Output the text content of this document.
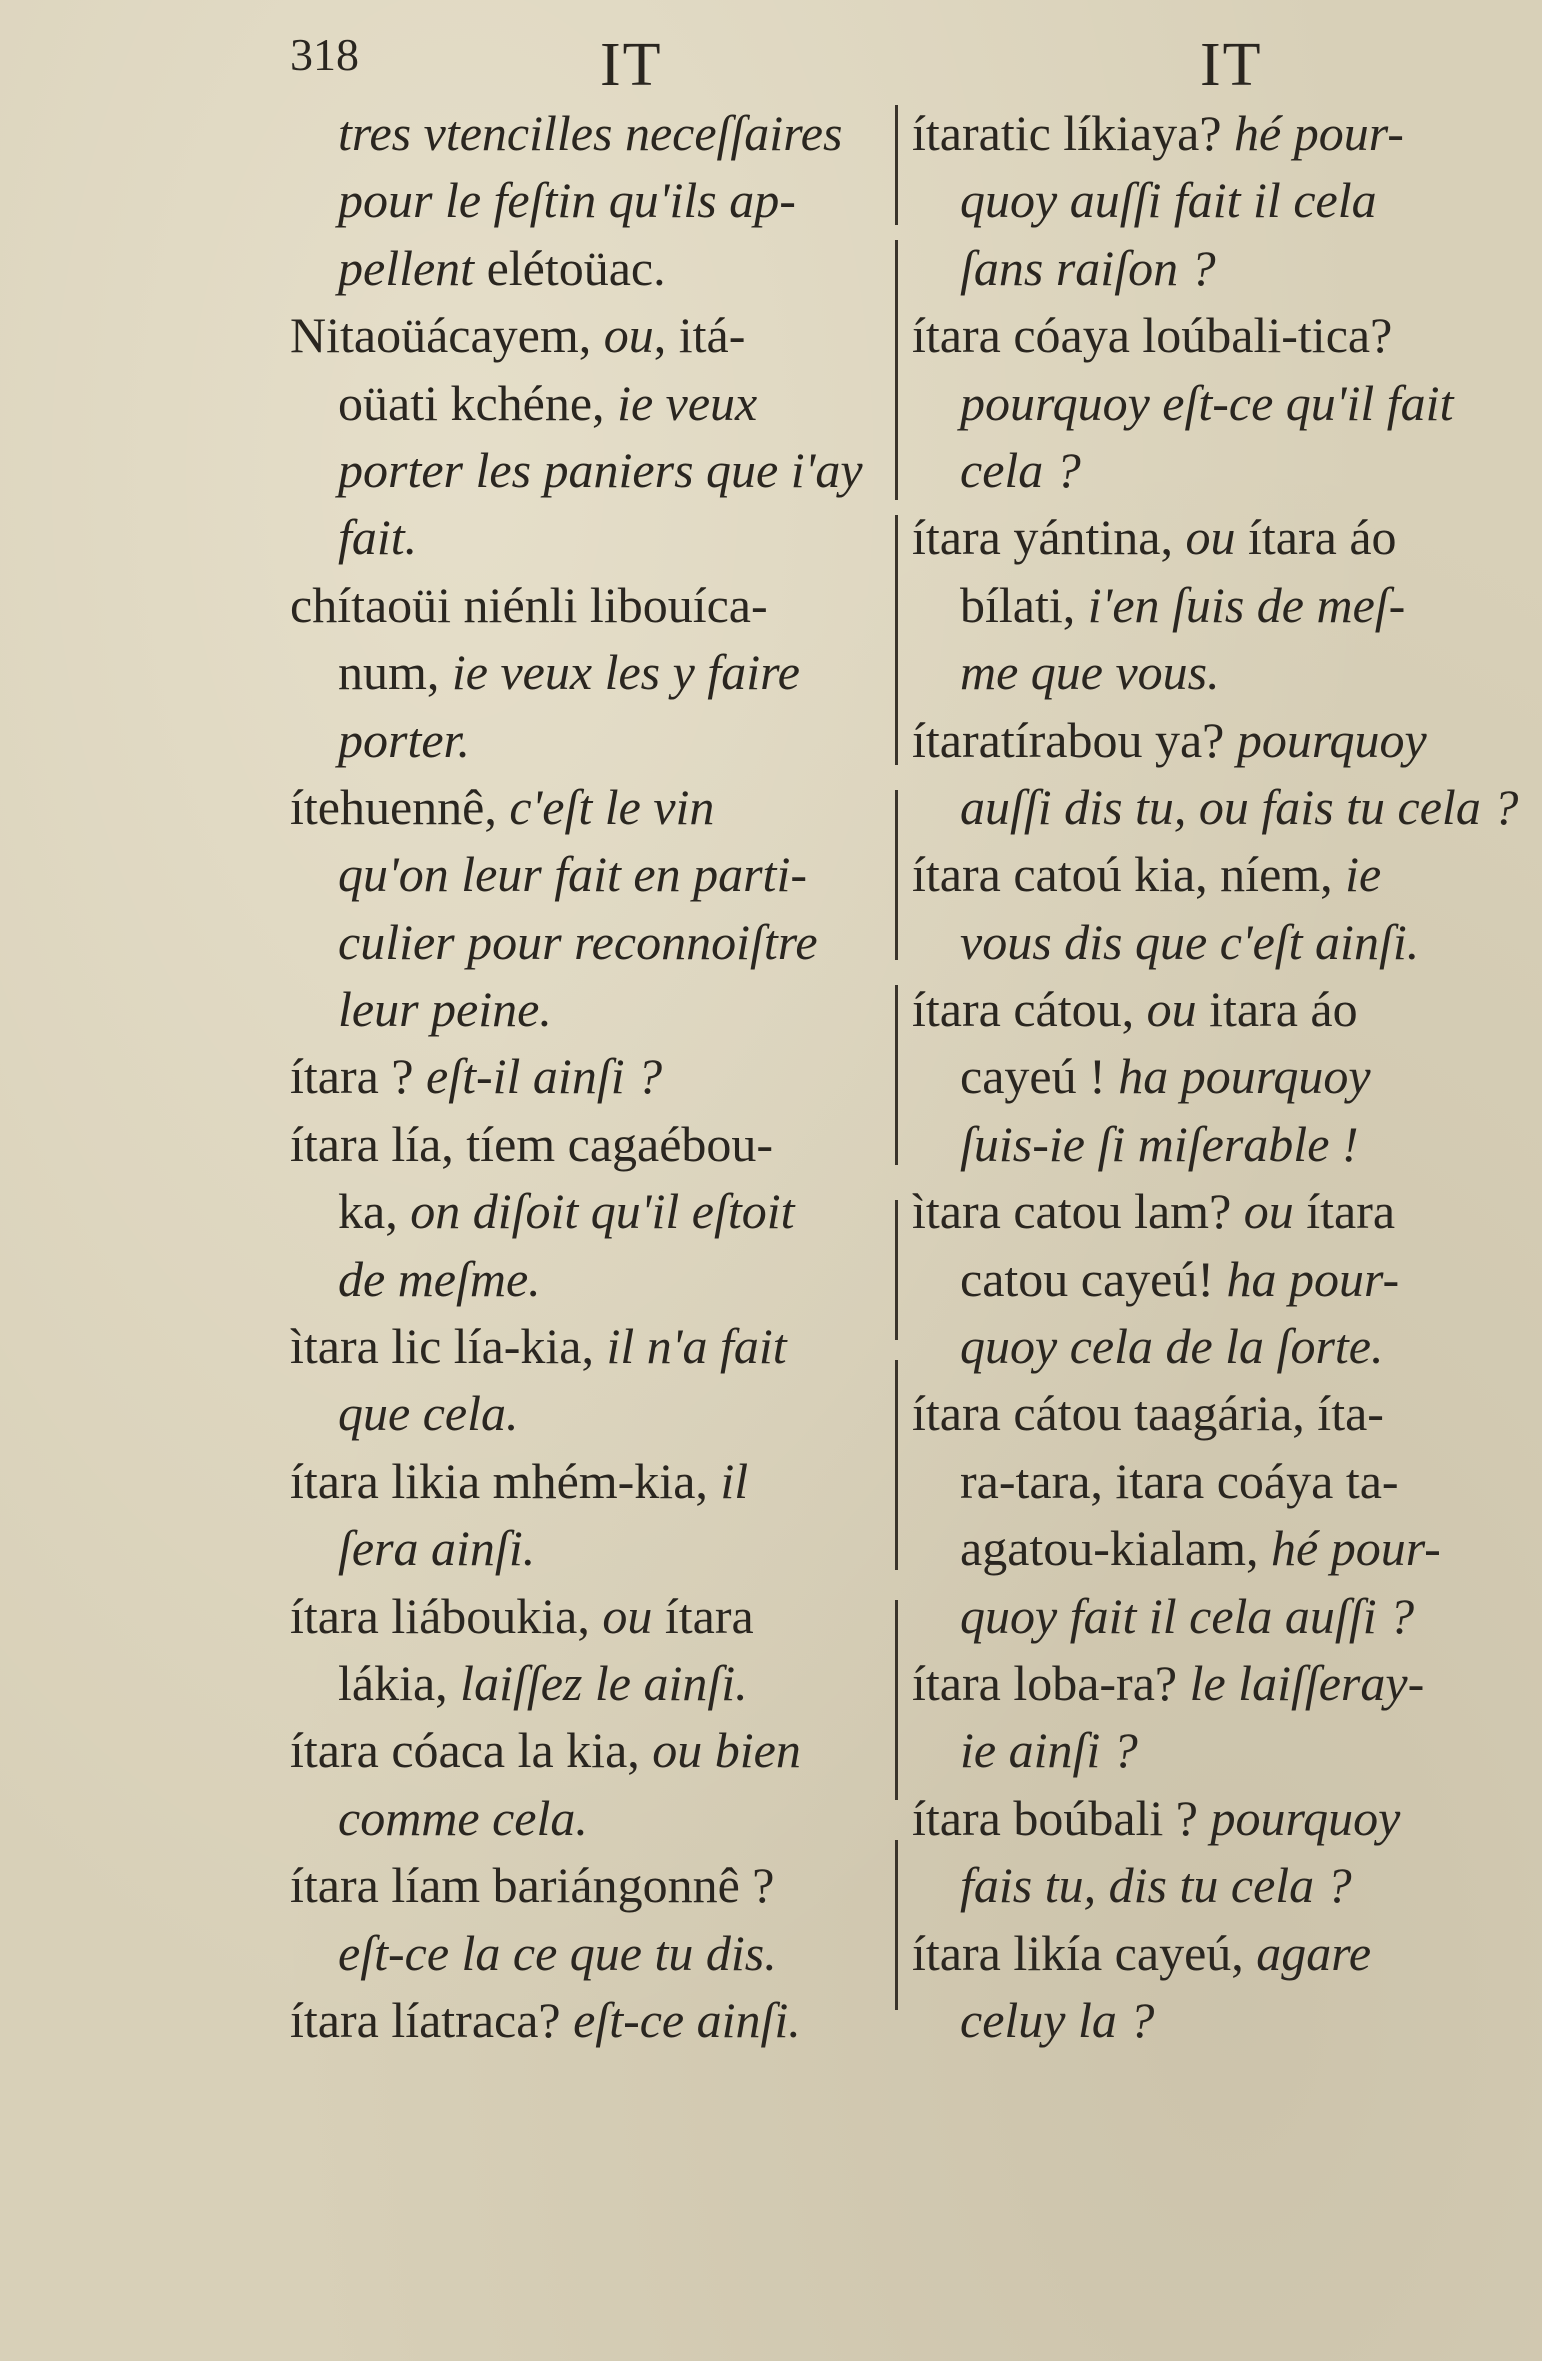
318	IT	IT
tres vtencilles neceſſaires
pour le feſtin qu'ils ap-
pellent elétoüac.
Nitaoüácayem, ou, itá-
oüati kchéne, ie veux
porter les paniers que i'ay
fait.
chítaoüi niénli libouíca-
num, ie veux les y faire
porter.
ítehuennê, c'eſt le vin
qu'on leur fait en parti-
culier pour reconnoiſtre
leur peine.
ítara ? eſt-il ainſi ?
ítara lía, tíem cagaébou-
ka, on diſoit qu'il eſtoit
de meſme.
ìtara lic lía-kia, il n'a fait
que cela.
ítara likia mhém-kia, il
ſera ainſi.
ítara liáboukia, ou ítara
lákia, laiſſez le ainſi.
ítara cóaca la kia, ou bien
comme cela.
ítara líam bariángonnê ?
eſt-ce la ce que tu dis.
ítara líatraca? eſt-ce ainſi.
ítaratic líkiaya? hé pour-
quoy auſſi fait il cela
ſans raiſon ?
ítara cóaya loúbali-tica?
pourquoy eſt-ce qu'il fait
cela ?
ítara yántina, ou ítara áo
bílati, i'en ſuis de meſ-
me que vous.
ítaratírabou ya? pourquoy
auſſi dis tu, ou fais tu cela ?
ítara catoú kia, níem, ie
vous dis que c'eſt ainſi.
ítara cátou, ou itara áo
cayeú ! ha pourquoy
ſuis-ie ſi miſerable !
ìtara catou lam? ou ítara
catou cayeú! ha pour-
quoy cela de la ſorte.
ítara cátou taagária, íta-
ra-tara, itara coáya ta-
agatou-kialam, hé pour-
quoy fait il cela auſſi ?
ítara loba-ra? le laiſſeray-
ie ainſi ?
ítara boúbali ? pourquoy
fais tu, dis tu cela ?
ítara likía cayeú, agare
celuy la ?
